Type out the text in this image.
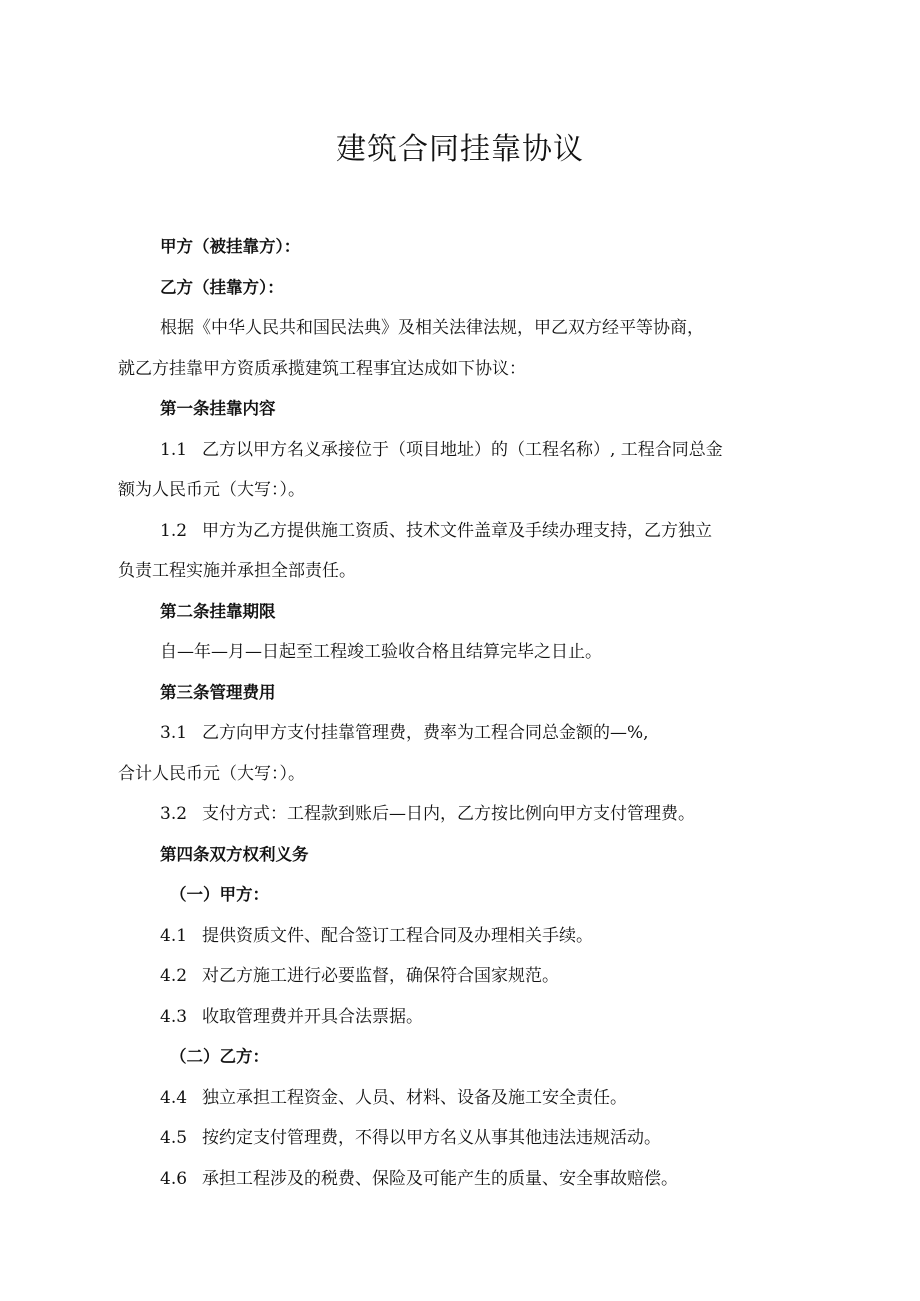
建筑合同挂靠协议

甲方（被挂靠方）：

乙方（挂靠方）：

根据《中华人民共和国民法典》及相关法律法规，甲乙双方经平等协商，

就乙方挂靠甲方资质承揽建筑工程事宜达成如下协议：

第一条挂靠内容

1.1 乙方以甲方名义承接位于（项目地址）的（工程名称）, 工程合同总金

额为人民币元（大写：）。

1.2 甲方为乙方提供施工资质、技术文件盖章及手续办理支持，乙方独立

负责工程实施并承担全部责任。

第二条挂靠期限

自—年—月—日起至工程竣工验收合格且结算完毕之日止。

第三条管理费用

3.1 乙方向甲方支付挂靠管理费，费率为工程合同总金额的—%,

合计人民币元（大写：）。

3.2 支付方式：工程款到账后—日内，乙方按比例向甲方支付管理费。

第四条双方权利义务

（一）甲方：

4.1 提供资质文件、配合签订工程合同及办理相关手续。

4.2 对乙方施工进行必要监督，确保符合国家规范。

4.3 收取管理费并开具合法票据。

（二）乙方：

4.4 独立承担工程资金、人员、材料、设备及施工安全责任。

4.5 按约定支付管理费，不得以甲方名义从事其他违法违规活动。

4.6 承担工程涉及的税费、保险及可能产生的质量、安全事故赔偿。
